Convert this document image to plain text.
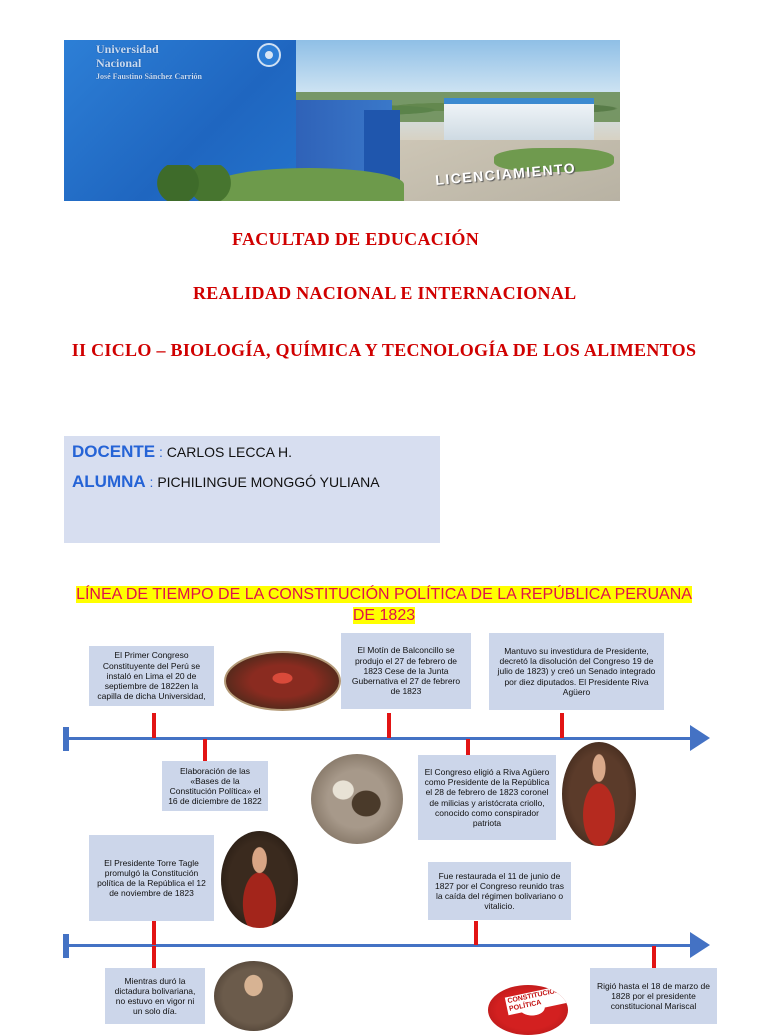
Universidad
Nacional
José Faustino Sánchez Carrión
LICENCIAMIENTO
FACULTAD DE EDUCACIÓN
REALIDAD NACIONAL E INTERNACIONAL
II CICLO – BIOLOGÍA, QUÍMICA Y TECNOLOGÍA DE LOS ALIMENTOS
DOCENTE : CARLOS LECCA H.
ALUMNA : PICHILINGUE MONGGÓ YULIANA
LÍNEA DE TIEMPO DE LA CONSTITUCIÓN POLÍTICA DE LA REPÚBLICA PERUANA DE 1823
El Primer Congreso Constituyente del Perú se instaló en Lima el 20 de septiembre de 1822en la capilla de dicha Universidad,
El Motín de Balconcillo se produjo el 27 de febrero de 1823 Cese de la Junta Gubernativa el 27 de febrero de 1823
Mantuvo su investidura de Presidente, decretó la disolución del Congreso 19 de julio de 1823) y creó un Senado integrado por diez diputados. El Presidente Riva Agüero
Elaboración de las «Bases de la Constitución Política» el 16 de diciembre de 1822
El Congreso eligió a Riva Agüero como Presidente de la República el 28 de febrero de 1823 coronel de milicias y aristócrata criollo, conocido como conspirador patriota
El Presidente Torre Tagle promulgó la Constitución política de la República el 12 de noviembre de 1823
Fue restaurada el 11 de junio de 1827 por el Congreso reunido tras la caída del régimen bolivariano o vitalicio.
Mientras duró la dictadura bolivariana, no estuvo en vigor ni un solo día.
Rigió hasta el 18 de marzo de 1828 por el presidente constitucional Mariscal
CONSTITUCIÓN POLÍTICA
